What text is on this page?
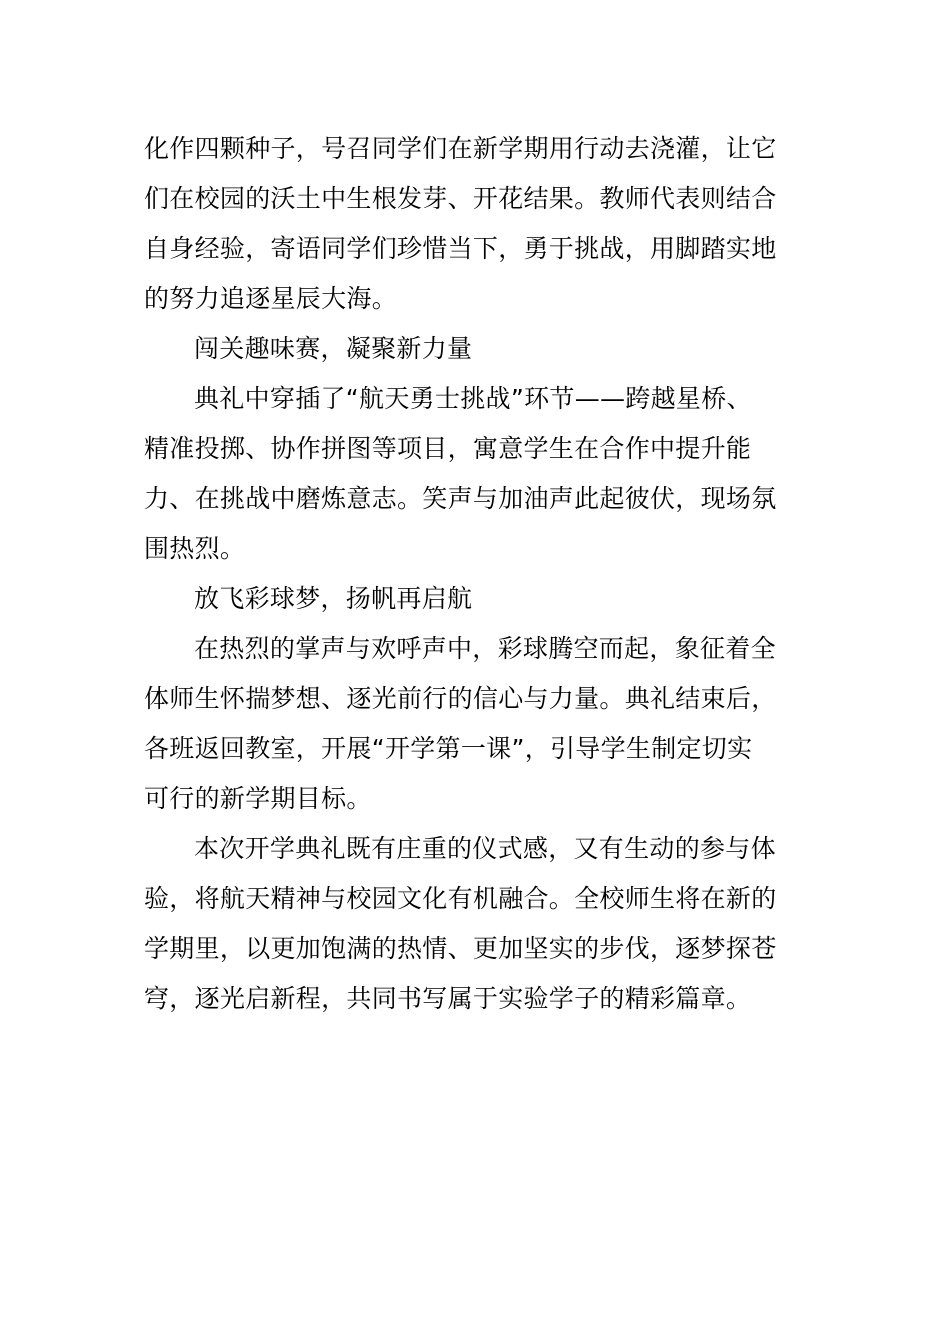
化作四颗种子，号召同学们在新学期用行动去浇灌，让它
们在校园的沃土中生根发芽、开花结果。教师代表则结合
自身经验，寄语同学们珍惜当下，勇于挑战，用脚踏实地
的努力追逐星辰大海。

闯关趣味赛，凝聚新力量

典礼中穿插了“航天勇士挑战”环节——跨越星桥、
精准投掷、协作拼图等项目，寓意学生在合作中提升能
力、在挑战中磨炼意志。笑声与加油声此起彼伏，现场氛
围热烈。

放飞彩球梦，扬帆再启航

在热烈的掌声与欢呼声中，彩球腾空而起，象征着全
体师生怀揣梦想、逐光前行的信心与力量。典礼结束后，
各班返回教室，开展“开学第一课”，引导学生制定切实
可行的新学期目标。

本次开学典礼既有庄重的仪式感，又有生动的参与体
验，将航天精神与校园文化有机融合。全校师生将在新的
学期里，以更加饱满的热情、更加坚实的步伐，逐梦探苍
穹，逐光启新程，共同书写属于实验学子的精彩篇章。
